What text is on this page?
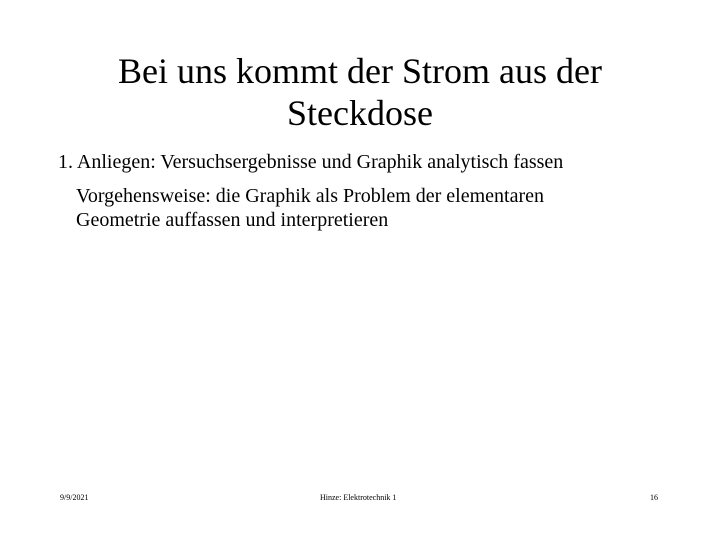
Bei uns kommt der Strom aus der
Steckdose
1. Anliegen: Versuchsergebnisse und Graphik analytisch fassen
Vorgehensweise: die Graphik als Problem der elementaren
Geometrie auffassen und interpretieren
9/9/2021	Hinze: Elektrotechnik 1	16
